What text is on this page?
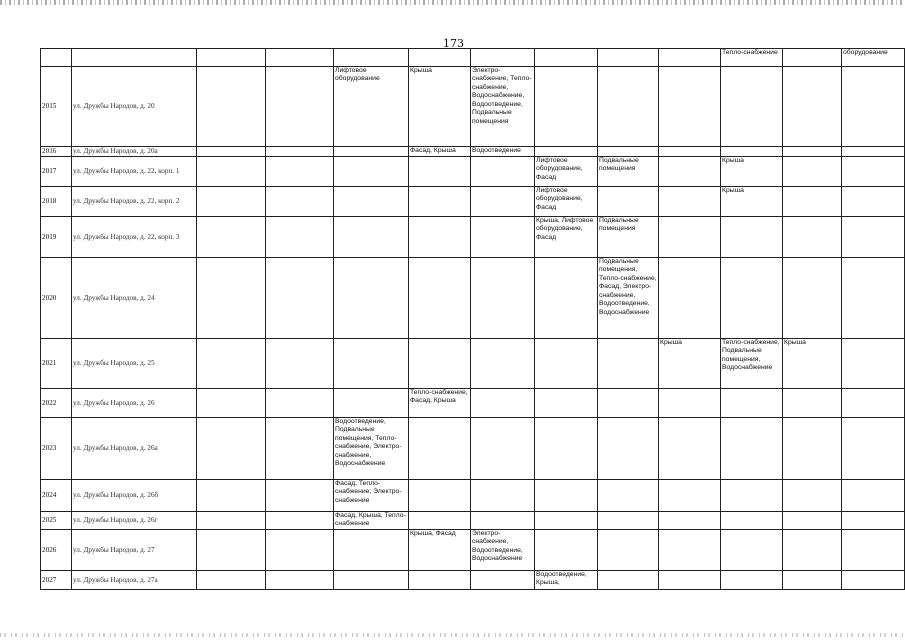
173
										Тепло-снабжение		оборудование
2015	ул. Дружбы Народов, д. 20			Лифтовое оборудование	Крыша	Электро-снабжение, Тепло-снабжение, Водоснабжение, Водоотведение, Подвальные помещения						
2016	ул. Дружбы Народов, д. 20а				Фасад, Крыша	Водоотведение						
2017	ул. Дружбы Народов, д. 22, корп. 1						Лифтовое оборудование, Фасад	Подвальные помещения		Крыша		
2018	ул. Дружбы Народов, д. 22, корп. 2						Лифтовое оборудование, Фасад			Крыша		
2019	ул. Дружбы Народов, д. 22, корп. 3						Крыша, Лифтовое оборудование, Фасад	Подвальные помещения				
2020	ул. Дружбы Народов, д. 24							Подвальные помещения, Тепло-снабжение, Фасад, Электро-снабжение, Водоотведение, Водоснабжение				
2021	ул. Дружбы Народов, д. 25								Крыша	Тепло-снабжение, Подвальные помещения, Водоснабжение	Крыша	
2022	ул. Дружбы Народов, д. 26				Тепло-снабжение, Фасад, Крыша							
2023	ул. Дружбы Народов, д. 26а			Водоотведение, Подвальные помещения, Тепло-снабжение, Электро-снабжение, Водоснабжение								
2024	ул. Дружбы Народов, д. 26б			Фасад, Тепло-снабжение, Электро-снабжение								
2025	ул. Дружбы Народов, д. 26г			Фасад, Крыша, Тепло-снабжение								
2026	ул. Дружбы Народов, д. 27				Крыша, Фасад	Электро-снабжение, Водоотведение, Водоснабжение						
2027	ул. Дружбы Народов, д. 27а						Водоотведение, Крыша,					
